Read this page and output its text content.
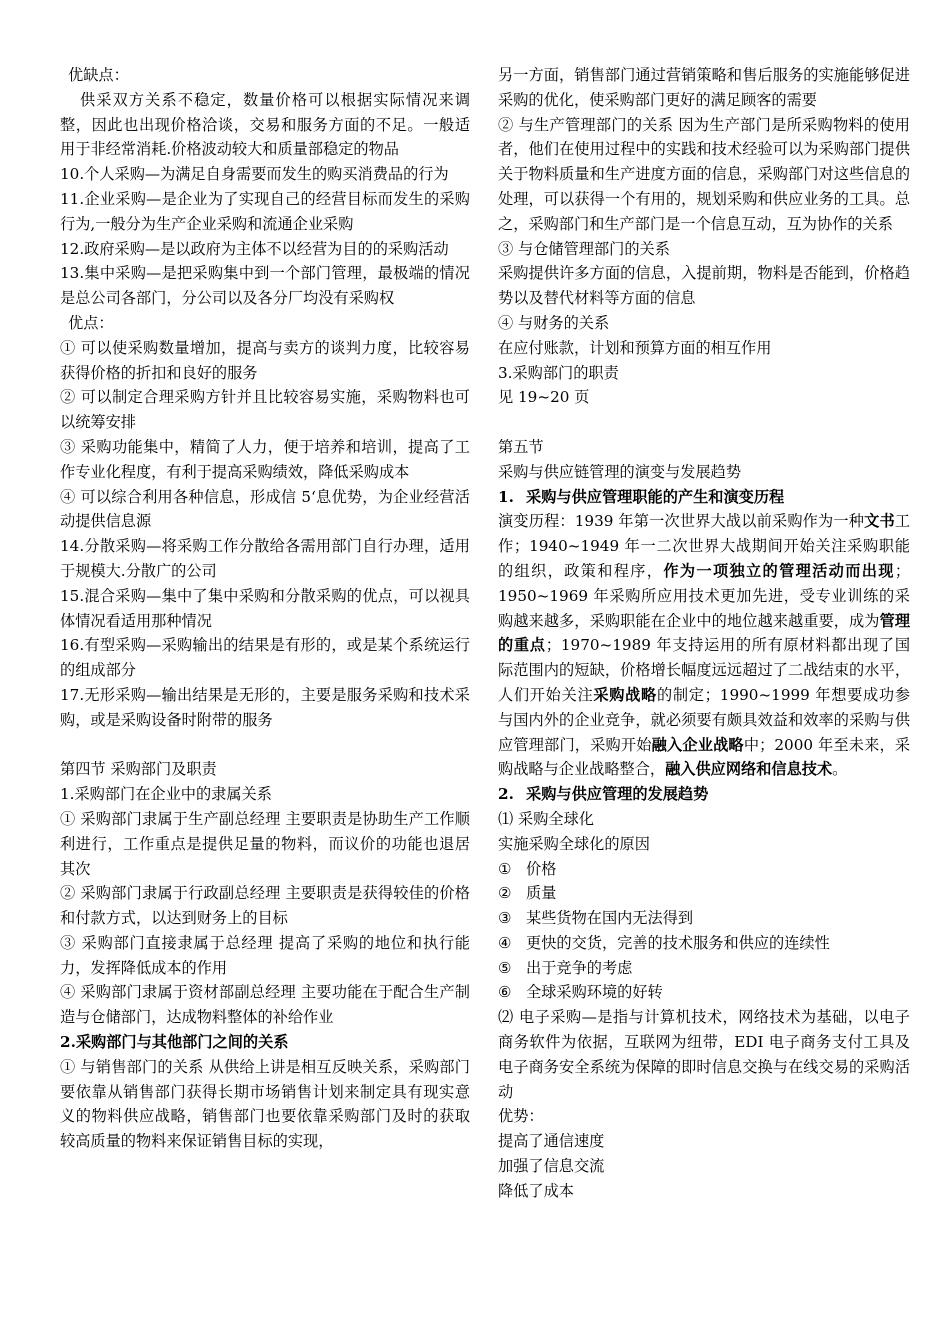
优缺点：

供采双方关系不稳定，数量价格可以根据实际情况来调整，因此也出现价格洽谈，交易和服务方面的不足。一般适用于非经常消耗.价格波动较大和质量部稳定的物品

10.个人采购—为满足自身需要而发生的购买消费品的行为

11.企业采购—是企业为了实现自己的经营目标而发生的采购行为,一般分为生产企业采购和流通企业采购

12.政府采购—是以政府为主体不以经营为目的的采购活动

13.集中采购—是把采购集中到一个部门管理，最极端的情况是总公司各部门，分公司以及各分厂均没有采购权

优点：

① 可以使采购数量增加，提高与卖方的谈判力度，比较容易获得价格的折扣和良好的服务

② 可以制定合理采购方针并且比较容易实施，采购物料也可以统筹安排

③ 采购功能集中，精简了人力，便于培养和培训，提高了工作专业化程度，有利于提高采购绩效，降低采购成本

④ 可以综合利用各种信息，形成信 5‘息优势，为企业经营活动提供信息源

14.分散采购—将采购工作分散给各需用部门自行办理，适用于规模大.分散广的公司

15.混合采购—集中了集中采购和分散采购的优点，可以视具体情况看适用那种情况

16.有型采购—采购输出的结果是有形的，或是某个系统运行的组成部分

17.无形采购—输出结果是无形的，主要是服务采购和技术采购，或是采购设备时附带的服务

第四节 采购部门及职责

1.采购部门在企业中的隶属关系

① 采购部门隶属于生产副总经理 主要职责是协助生产工作顺利进行，工作重点是提供足量的物料，而议价的功能也退居其次

② 采购部门隶属于行政副总经理 主要职责是获得较佳的价格和付款方式，以达到财务上的目标

③ 采购部门直接隶属于总经理 提高了采购的地位和执行能力，发挥降低成本的作用

④ 采购部门隶属于资材部副总经理 主要功能在于配合生产制造与仓储部门，达成物料整体的补给作业

2.采购部门与其他部门之间的关系

① 与销售部门的关系 从供给上讲是相互反映关系，采购部门要依靠从销售部门获得长期市场销售计划来制定具有现实意义的物料供应战略，销售部门也要依靠采购部门及时的获取较高质量的物料来保证销售目标的实现，

另一方面，销售部门通过营销策略和售后服务的实施能够促进采购的优化，使采购部门更好的满足顾客的需要

② 与生产管理部门的关系 因为生产部门是所采购物料的使用者，他们在使用过程中的实践和技术经验可以为采购部门提供关于物料质量和生产进度方面的信息，采购部门对这些信息的处理，可以获得一个有用的，规划采购和供应业务的工具。总之，采购部门和生产部门是一个信息互动，互为协作的关系

③ 与仓储管理部门的关系

采购提供许多方面的信息，入提前期，物料是否能到，价格趋势以及替代材料等方面的信息

④ 与财务的关系

在应付账款，计划和预算方面的相互作用

3.采购部门的职责

见 19~20 页

第五节

采购与供应链管理的演变与发展趋势

1. 采购与供应管理职能的产生和演变历程

演变历程：1939 年第一次世界大战以前采购作为一种文书工作；1940~1949 年一二次世界大战期间开始关注采购职能的组织，政策和程序，作为一项独立的管理活动而出现；1950~1969 年采购所应用技术更加先进，受专业训练的采购越来越多，采购职能在企业中的地位越来越重要，成为管理的重点；1970~1989 年支持运用的所有原材料都出现了国际范围内的短缺，价格增长幅度远远超过了二战结束的水平，人们开始关注采购战略的制定；1990~1999 年想要成功参与国内外的企业竞争，就必须要有颇具效益和效率的采购与供应管理部门，采购开始融入企业战略中；2000 年至未来，采购战略与企业战略整合，融入供应网络和信息技术。

2. 采购与供应管理的发展趋势

⑴ 采购全球化

实施采购全球化的原因

① 价格

② 质量

③ 某些货物在国内无法得到

④ 更快的交货，完善的技术服务和供应的连续性

⑤ 出于竞争的考虑

⑥ 全球采购环境的好转

⑵ 电子采购—是指与计算机技术，网络技术为基础，以电子商务软件为依据，互联网为纽带，EDI 电子商务支付工具及电子商务安全系统为保障的即时信息交换与在线交易的采购活动

优势：

提高了通信速度

加强了信息交流

降低了成本
